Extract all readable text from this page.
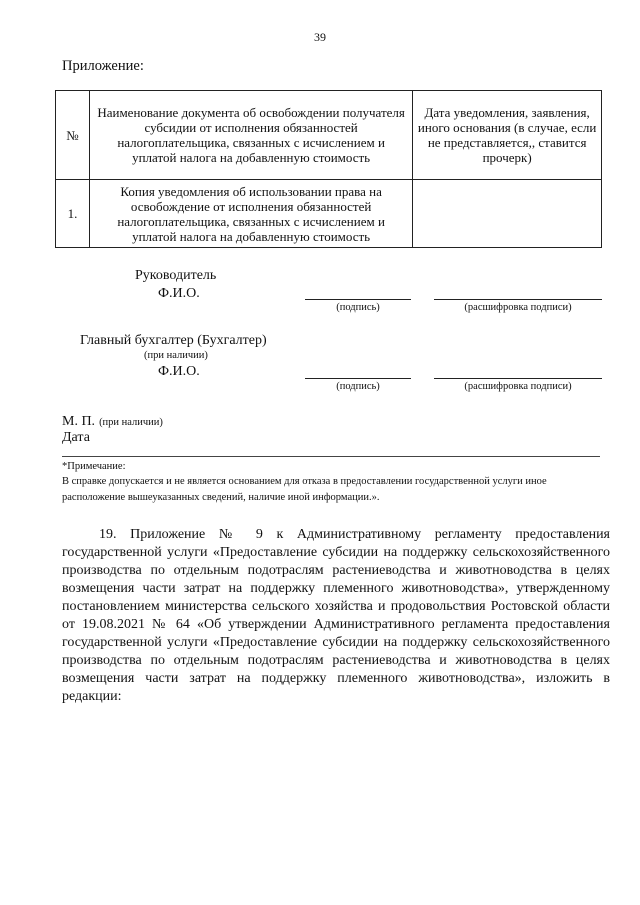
39
Приложение:
№	Наименование документа об освобождении получателя субсидии от исполнения обязанностей налогоплательщика, связанных с исчислением и уплатой налога на добавленную стоимость	Дата уведомления, заявления, иного основания (в случае, если не представляется,, ставится прочерк)
1.	Копия уведомления об использовании права на освобождение от исполнения обязанностей налогоплательщика, связанных с исчислением и уплатой налога на добавленную стоимость	
Руководитель
Ф.И.О.
(подпись)	(расшифровка подписи)
Главный бухгалтер (Бухгалтер)
(при наличии)
Ф.И.О.
(подпись)	(расшифровка подписи)
М. П. (при наличии)
Дата
*Примечание:
В справке допускается и не является основанием для отказа в предоставлении государственной услуги иное расположение вышеуказанных сведений, наличие иной информации.».

19. Приложение № 9 к Административному регламенту предоставления государственной услуги «Предоставление субсидии на поддержку сельскохозяйственного производства по отдельным подотраслям растениеводства и животноводства в целях возмещения части затрат на поддержку племенного животноводства», утвержденному постановлением министерства сельского хозяйства и продовольствия Ростовской области от 19.08.2021 № 64 «Об утверждении Административного регламента предоставления государственной услуги «Предоставление субсидии на поддержку сельскохозяйственного производства по отдельным подотраслям растениеводства и животноводства в целях возмещения части затрат на поддержку племенного животноводства», изложить в редакции:
